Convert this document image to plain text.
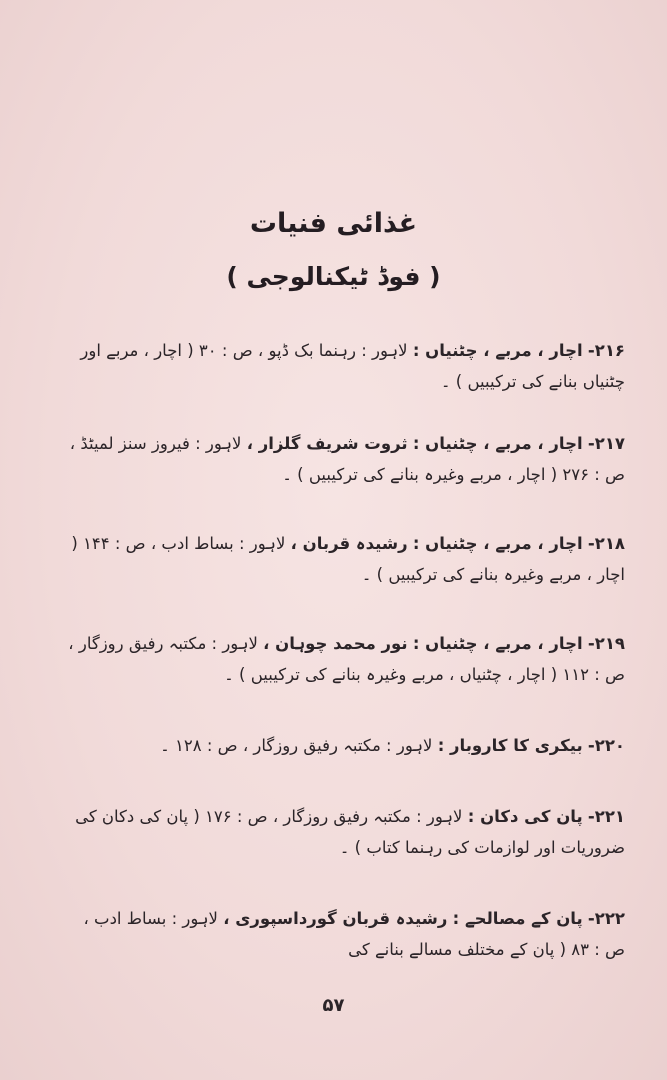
غذائی فنیات
( فوڈ ٹیکنالوجی )
۲۱۶- اچار ، مربے ، چٹنیاں : لاہور : رہنما بک ڈپو ، ص : ۳۰ ( اچار ، مربے اور چٹنیاں بنانے کی ترکیبیں ) ۔
۲۱۷- اچار ، مربے ، چٹنیاں : ثروت شریف گلزار ، لاہور : فیروز سنز لمیٹڈ ، ص : ۲۷۶ ( اچار ، مربے وغیرہ بنانے کی ترکیبیں ) ۔
۲۱۸- اچار ، مربے ، چٹنیاں : رشیدہ قربان ، لاہور : بساط ادب ، ص : ۱۴۴ ( اچار ، مربے وغیرہ بنانے کی ترکیبیں ) ۔
۲۱۹- اچار ، مربے ، چٹنیاں : نور محمد چوہان ، لاہور : مکتبہ رفیق روزگار ، ص : ۱۱۲ ( اچار ، چٹنیاں ، مربے وغیرہ بنانے کی ترکیبیں ) ۔
۲۲۰- بیکری کا کاروبار : لاہور : مکتبہ رفیق روزگار ، ص : ۱۲۸ ۔
۲۲۱- پان کی دکان : لاہور : مکتبہ رفیق روزگار ، ص : ۱۷۶ ( پان کی دکان کی ضروریات اور لوازمات کی رہنما کتاب ) ۔
۲۲۲- پان کے مصالحے : رشیدہ قربان گورداسپوری ، لاہور : بساط ادب ، ص : ۸۳ ( پان کے مختلف مسالے بنانے کی
۵۷
